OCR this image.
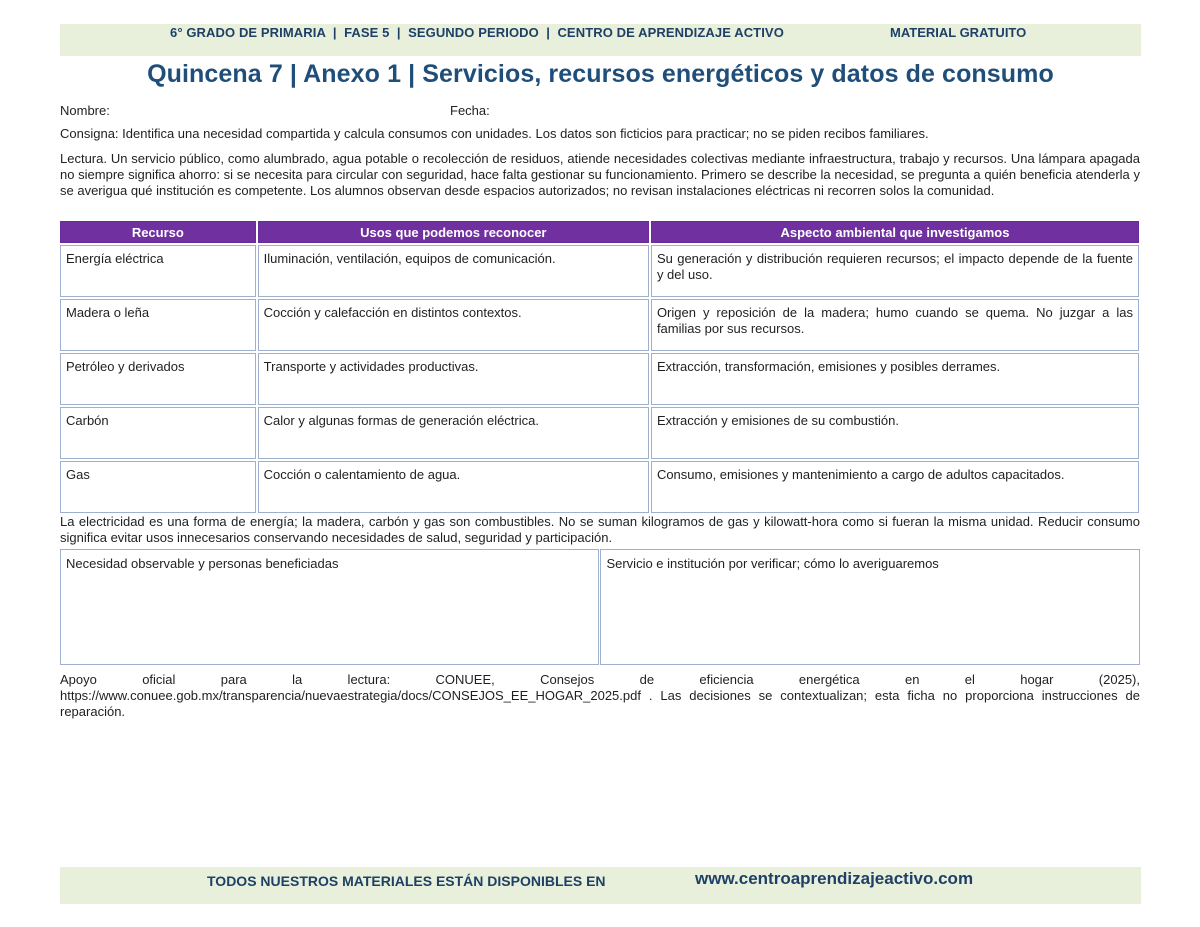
6° GRADO DE PRIMARIA  |  FASE 5  |  SEGUNDO PERIODO  |  CENTRO DE APRENDIZAJE ACTIVO	MATERIAL GRATUITO
Quincena 7 | Anexo 1 | Servicios, recursos energéticos y datos de consumo
Nombre:	Fecha:
Consigna: Identifica una necesidad compartida y calcula consumos con unidades. Los datos son ficticios para practicar; no se piden recibos familiares.
Lectura. Un servicio público, como alumbrado, agua potable o recolección de residuos, atiende necesidades colectivas mediante infraestructura, trabajo y recursos. Una lámpara apagada no siempre significa ahorro: si se necesita para circular con seguridad, hace falta gestionar su funcionamiento. Primero se describe la necesidad, se pregunta a quién beneficia atenderla y se averigua qué institución es competente. Los alumnos observan desde espacios autorizados; no revisan instalaciones eléctricas ni recorren solos la comunidad.
Recurso	Usos que podemos reconocer	Aspecto ambiental que investigamos
Energía eléctrica	Iluminación, ventilación, equipos de comunicación.	Su generación y distribución requieren recursos; el impacto depende de la fuente y del uso.
Madera o leña	Cocción y calefacción en distintos contextos.	Origen y reposición de la madera; humo cuando se quema. No juzgar a las familias por sus recursos.
Petróleo y derivados	Transporte y actividades productivas.	Extracción, transformación, emisiones y posibles derrames.
Carbón	Calor y algunas formas de generación eléctrica.	Extracción y emisiones de su combustión.
Gas	Cocción o calentamiento de agua.	Consumo, emisiones y mantenimiento a cargo de adultos capacitados.
La electricidad es una forma de energía; la madera, carbón y gas son combustibles. No se suman kilogramos de gas y kilowatt-hora como si fueran la misma unidad. Reducir consumo significa evitar usos innecesarios conservando necesidades de salud, seguridad y participación.
Necesidad observable y personas beneficiadas	Servicio e institución por verificar; cómo lo averiguaremos
Apoyo oficial para la lectura: CONUEE, Consejos de eficiencia energética en el hogar (2025), https://www.conuee.gob.mx/transparencia/nuevaestrategia/docs/CONSEJOS_EE_HOGAR_2025.pdf . Las decisiones se contextualizan; esta ficha no proporciona instrucciones de reparación.
TODOS NUESTROS MATERIALES ESTÁN DISPONIBLES EN	www.centroaprendizajeactivo.com
